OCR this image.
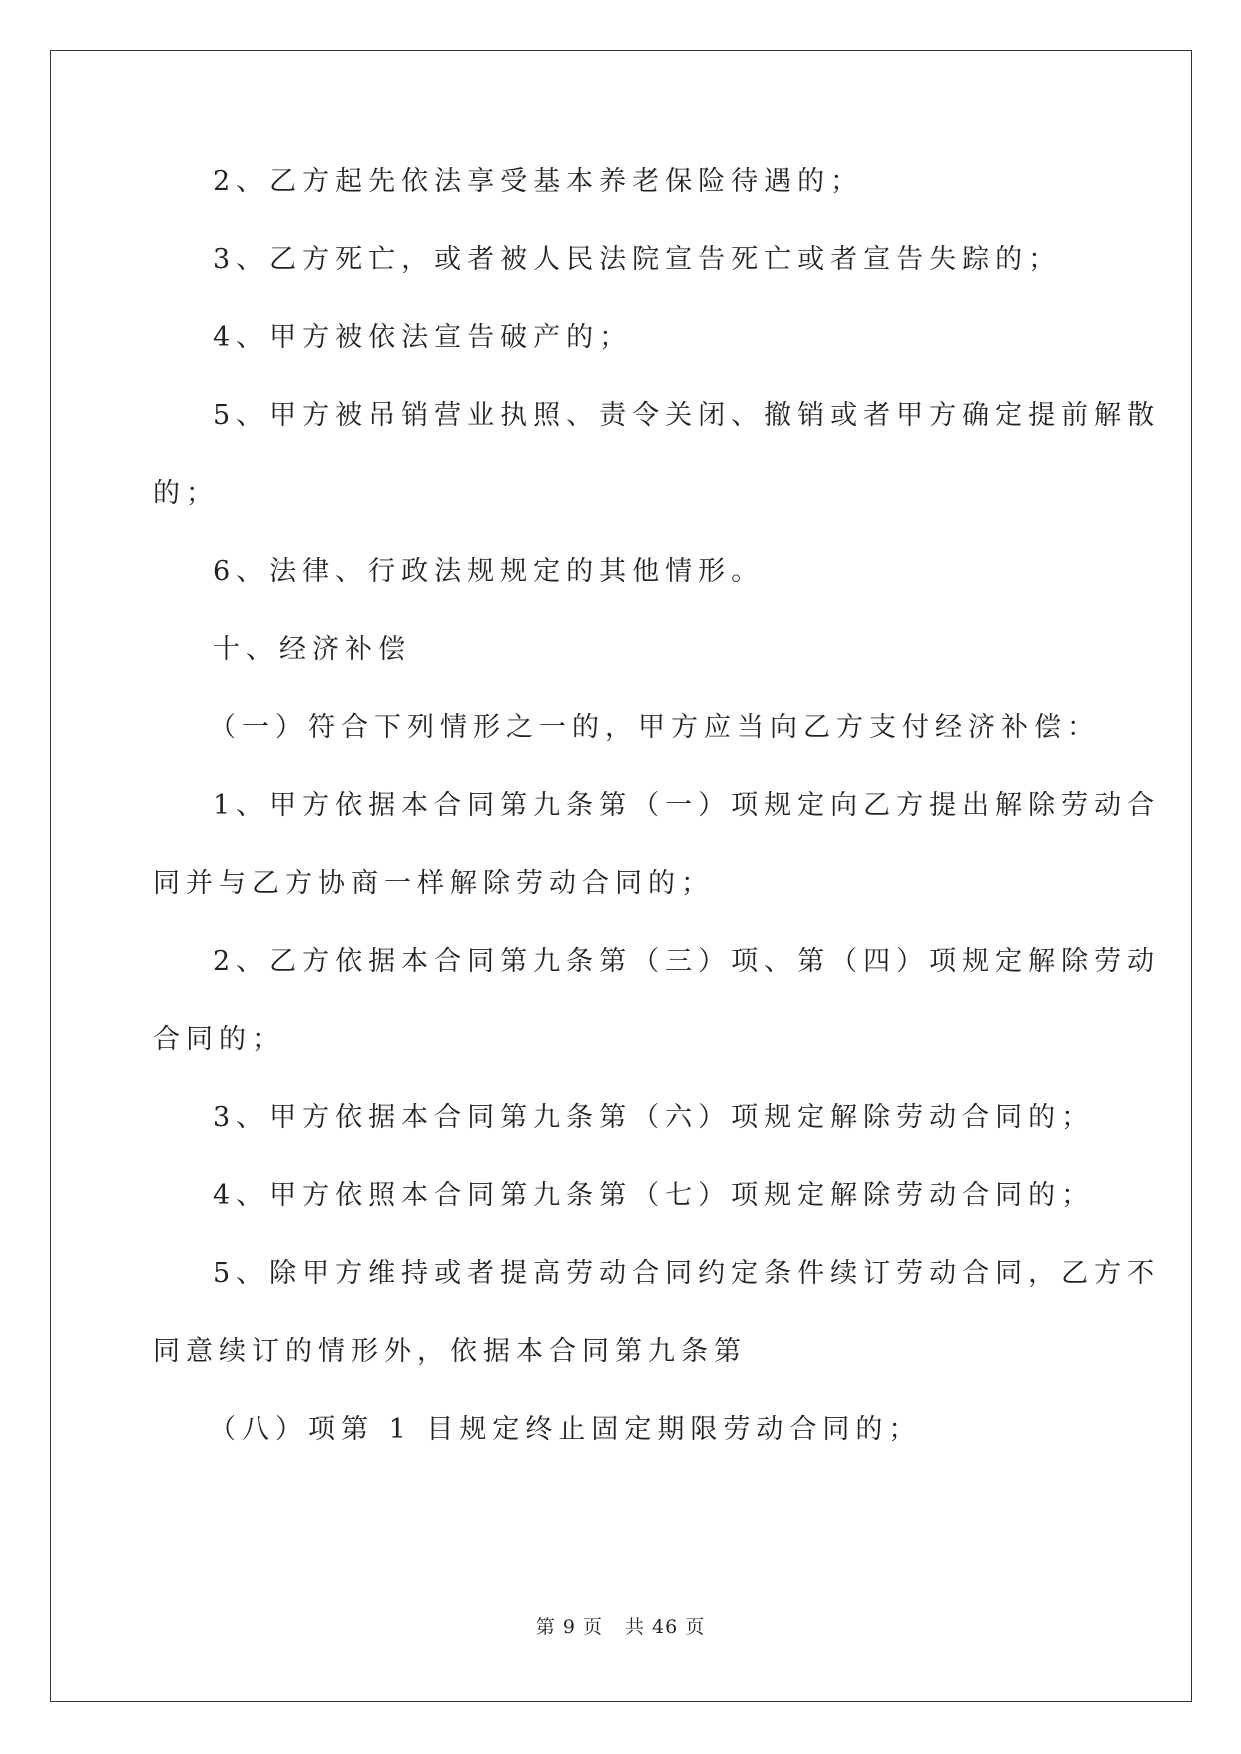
2、乙方起先依法享受基本养老保险待遇的；

3、乙方死亡，或者被人民法院宣告死亡或者宣告失踪的；

4、甲方被依法宣告破产的；

5、甲方被吊销营业执照、责令关闭、撤销或者甲方确定提前解散

的；

6、法律、行政法规规定的其他情形。

十、经济补偿

（一）符合下列情形之一的，甲方应当向乙方支付经济补偿：

1、甲方依据本合同第九条第（一）项规定向乙方提出解除劳动合

同并与乙方协商一样解除劳动合同的；

2、乙方依据本合同第九条第（三）项、第（四）项规定解除劳动

合同的；

3、甲方依据本合同第九条第（六）项规定解除劳动合同的；

4、甲方依照本合同第九条第（七）项规定解除劳动合同的；

5、除甲方维持或者提高劳动合同约定条件续订劳动合同，乙方不

同意续订的情形外，依据本合同第九条第

（八）项第 1 目规定终止固定期限劳动合同的；

第 9 页 共 46 页
